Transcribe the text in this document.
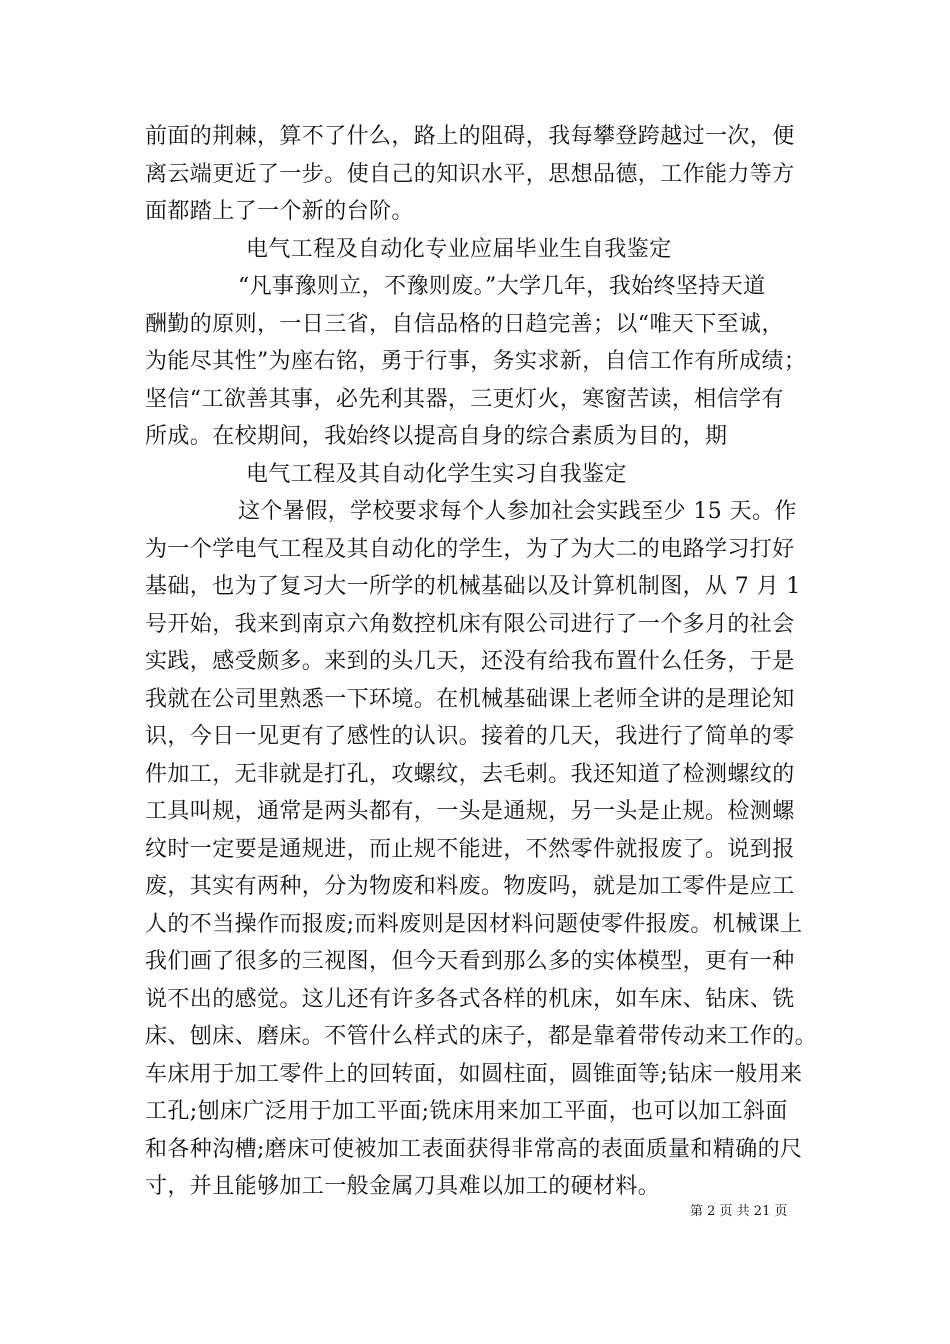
前面的荆棘，算不了什么，路上的阻碍，我每攀登跨越过一次，便
离云端更近了一步。使自己的知识水平，思想品德，工作能力等方
面都踏上了一个新的台阶。
电气工程及自动化专业应届毕业生自我鉴定
“凡事豫则立，不豫则废。”大学几年，我始终坚持天道
酬勤的原则，一日三省，自信品格的日趋完善；以“唯天下至诚，
为能尽其性”为座右铭，勇于行事，务实求新，自信工作有所成绩；
坚信“工欲善其事，必先利其器，三更灯火，寒窗苦读，相信学有
所成。在校期间，我始终以提高自身的综合素质为目的，期
电气工程及其自动化学生实习自我鉴定
这个暑假，学校要求每个人参加社会实践至少 15 天。作
为一个学电气工程及其自动化的学生，为了为大二的电路学习打好
基础，也为了复习大一所学的机械基础以及计算机制图，从 7 月 1
号开始，我来到南京六角数控机床有限公司进行了一个多月的社会
实践，感受颇多。来到的头几天，还没有给我布置什么任务，于是
我就在公司里熟悉一下环境。在机械基础课上老师全讲的是理论知
识，今日一见更有了感性的认识。接着的几天，我进行了简单的零
件加工，无非就是打孔，攻螺纹，去毛刺。我还知道了检测螺纹的
工具叫规，通常是两头都有，一头是通规，另一头是止规。检测螺
纹时一定要是通规进，而止规不能进，不然零件就报废了。说到报
废，其实有两种，分为物废和料废。物废吗，就是加工零件是应工
人的不当操作而报废;而料废则是因材料问题使零件报废。机械课上
我们画了很多的三视图，但今天看到那么多的实体模型，更有一种
说不出的感觉。这儿还有许多各式各样的机床，如车床、钻床、铣
床、刨床、磨床。不管什么样式的床子，都是靠着带传动来工作的。
车床用于加工零件上的回转面，如圆柱面，圆锥面等;钻床一般用来
工孔;刨床广泛用于加工平面;铣床用来加工平面，也可以加工斜面
和各种沟槽;磨床可使被加工表面获得非常高的表面质量和精确的尺
寸，并且能够加工一般金属刀具难以加工的硬材料。
第 2 页 共 21 页
